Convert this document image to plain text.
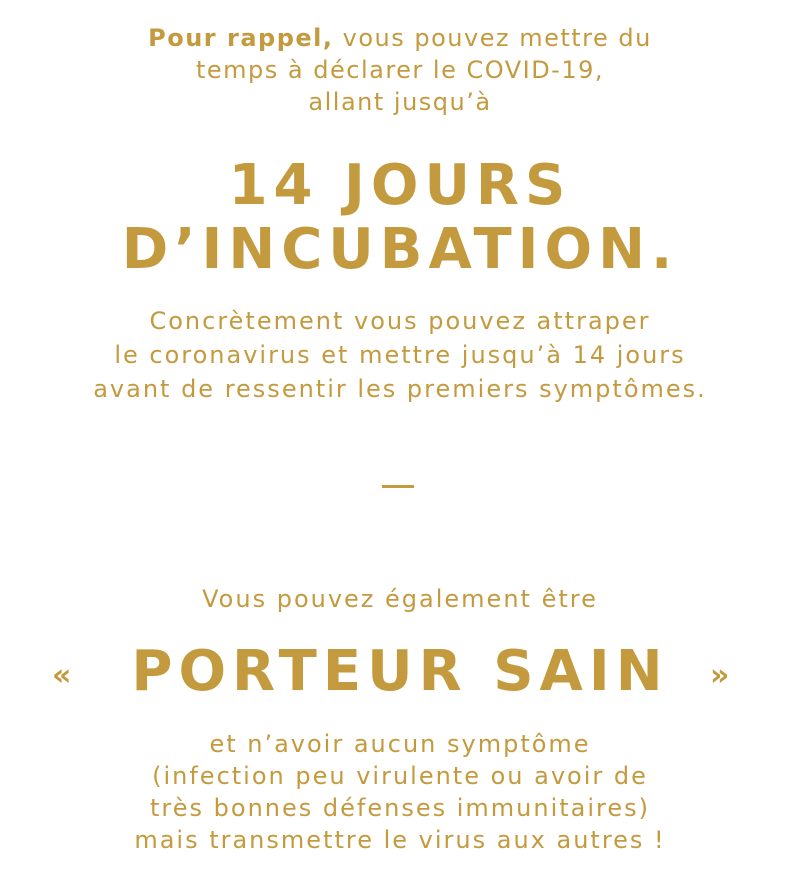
Pour rappel, vous pouvez mettre du
temps à déclarer le COVID-19,
allant jusqu’à
14 JOURS
D’INCUBATION.
Concrètement vous pouvez attraper
le coronavirus et mettre jusqu’à 14 jours
avant de ressentir les premiers symptômes.
Vous pouvez également être
«	PORTEUR SAIN	»
et n’avoir aucun symptôme
(infection peu virulente ou avoir de
très bonnes défenses immunitaires)
mais transmettre le virus aux autres !
